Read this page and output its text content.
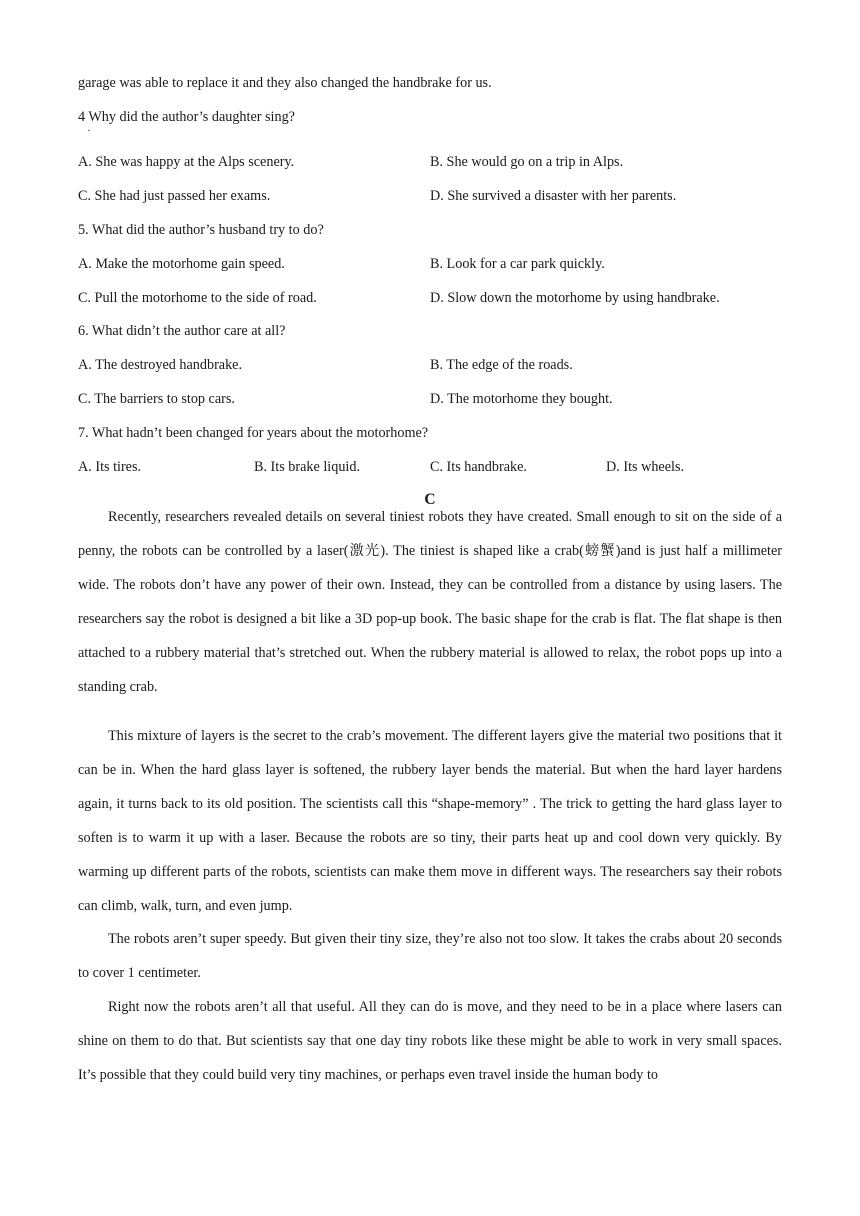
garage was able to replace it and they also changed the handbrake for us.
4 Why did the author’s daughter sing?
·
A. She was happy at the Alps scenery.	B. She would go on a trip in Alps.
C. She had just passed her exams.	D. She survived a disaster with her parents.
5. What did the author’s husband try to do?
A. Make the motorhome gain speed.	B. Look for a car park quickly.
C. Pull the motorhome to the side of road.	D. Slow down the motorhome by using handbrake.
6. What didn’t the author care at all?
A. The destroyed handbrake.	B. The edge of the roads.
C. The barriers to stop cars.	D. The motorhome they bought.
7. What hadn’t been changed for years about the motorhome?
A. Its tires.	B. Its brake liquid.	C. Its handbrake.	D. Its wheels.
C

Recently, researchers revealed details on several tiniest robots they have created. Small enough to sit on the side of a penny, the robots can be controlled by a laser(激光). The tiniest is shaped like a crab(螃蟹)and is just half a millimeter wide. The robots don’t have any power of their own. Instead, they can be controlled from a distance by using lasers. The researchers say the robot is designed a bit like a 3D pop-up book. The basic shape for the crab is flat. The flat shape is then attached to a rubbery material that’s stretched out. When the rubbery material is allowed to relax, the robot pops up into a standing crab.

This mixture of layers is the secret to the crab’s movement. The different layers give the material two positions that it can be in. When the hard glass layer is softened, the rubbery layer bends the material. But when the hard layer hardens again, it turns back to its old position. The scientists call this “shape-memory” . The trick to getting the hard glass layer to soften is to warm it up with a laser. Because the robots are so tiny, their parts heat up and cool down very quickly. By warming up different parts of the robots, scientists can make them move in different ways. The researchers say their robots can climb, walk, turn, and even jump.

The robots aren’t super speedy. But given their tiny size, they’re also not too slow. It takes the crabs about 20 seconds to cover 1 centimeter.

Right now the robots aren’t all that useful. All they can do is move, and they need to be in a place where lasers can shine on them to do that. But scientists say that one day tiny robots like these might be able to work in very small spaces. It’s possible that they could build very tiny machines, or perhaps even travel inside the human body to
